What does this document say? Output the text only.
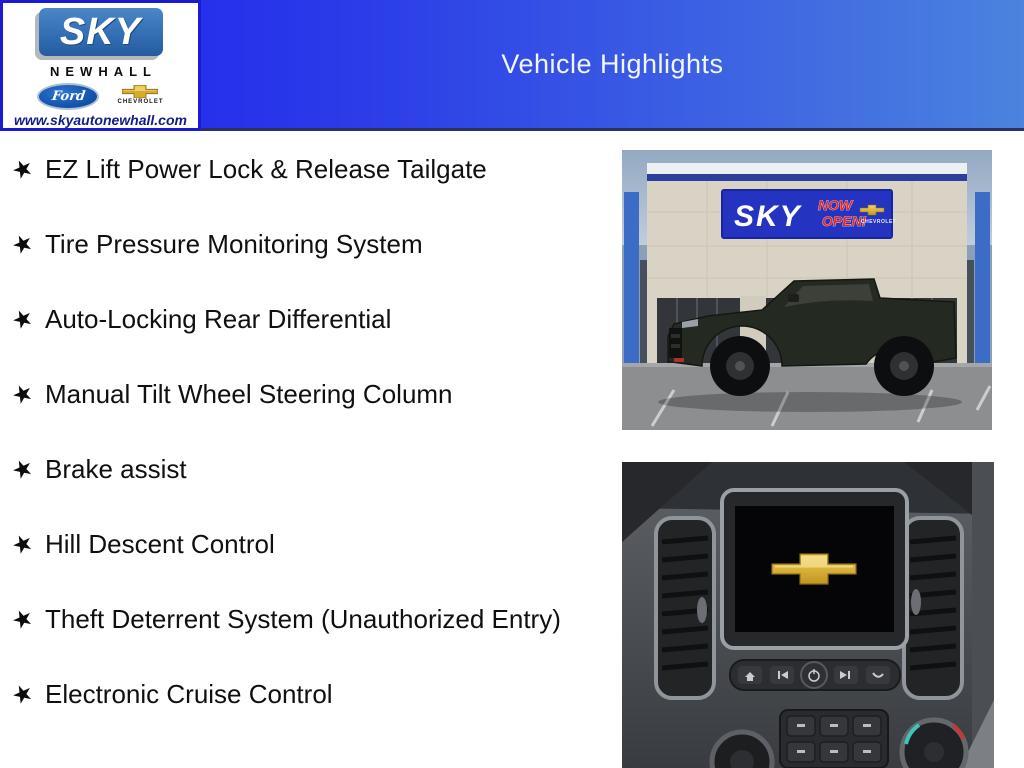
Vehicle Highlights
SKY
NEWHALL
Ford	CHEVROLET
www.skyautonewhall.com
★ EZ Lift Power Lock & Release Tailgate
★ Tire Pressure Monitoring System
★ Auto-Locking Rear Differential
★ Manual Tilt Wheel Steering Column
★ Brake assist
★ Hill Descent Control
★ Theft Deterrent System (Unauthorized Entry)
★ Electronic Cruise Control
SKY NOW
OPEN!
CHEVROLET
